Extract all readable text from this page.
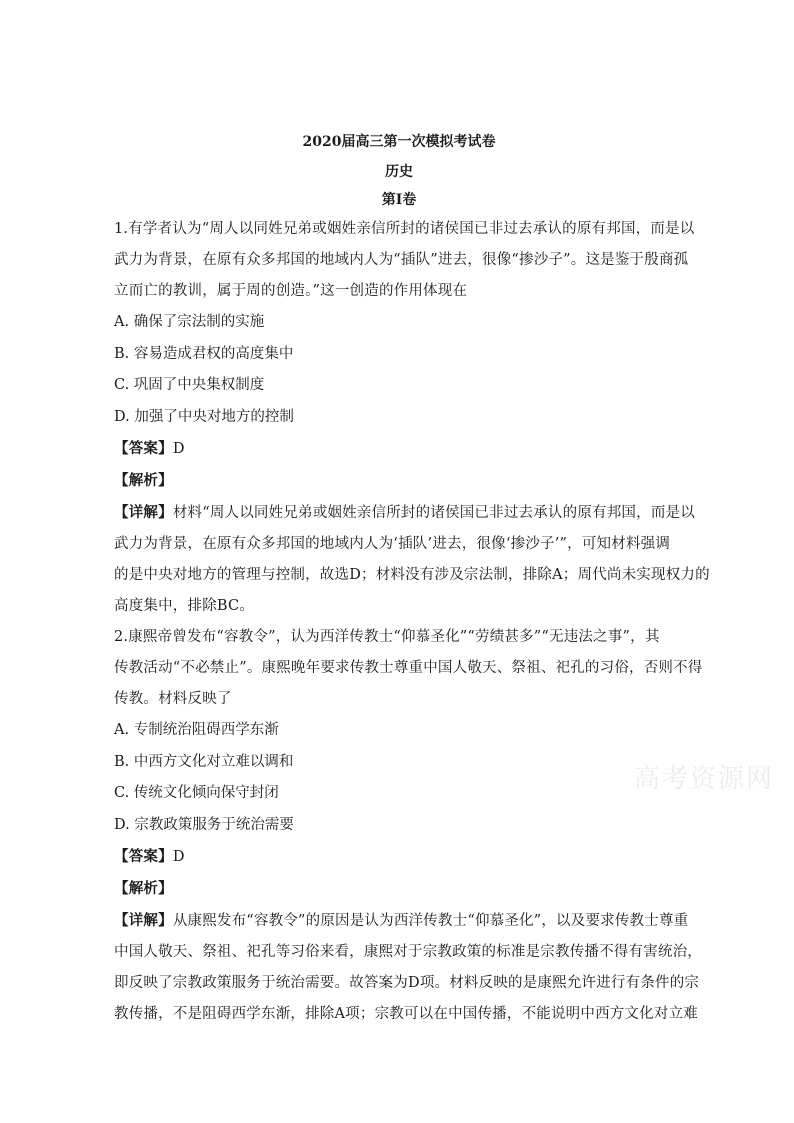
2020届高三第一次模拟考试卷

历史

第Ⅰ卷

1.有学者认为“周人以同姓兄弟或姻姓亲信所封的诸侯国已非过去承认的原有邦国，而是以

武力为背景，在原有众多邦国的地域内人为“插队”进去，很像“掺沙子”。这是鉴于殷商孤

立而亡的教训，属于周的创造。”这一创造的作用体现在

A. 确保了宗法制的实施

B. 容易造成君权的高度集中

C. 巩固了中央集权制度

D. 加强了中央对地方的控制

【答案】D

【解析】

【详解】材料“周人以同姓兄弟或姻姓亲信所封的诸侯国已非过去承认的原有邦国，而是以

武力为背景，在原有众多邦国的地域内人为‘插队’进去，很像‘掺沙子’”，可知材料强调

的是中央对地方的管理与控制，故选D；材料没有涉及宗法制，排除A；周代尚未实现权力的

高度集中，排除BC。

2.康熙帝曾发布“容教令”，认为西洋传教士“仰慕圣化”“劳绩甚多”“无违法之事”，其

传教活动“不必禁止”。康熙晚年要求传教士尊重中国人敬天、祭祖、祀孔的习俗，否则不得

传教。材料反映了

A. 专制统治阻碍西学东渐

B. 中西方文化对立难以调和

C. 传统文化倾向保守封闭

D. 宗教政策服务于统治需要

【答案】D

【解析】

【详解】从康熙发布“容教令”的原因是认为西洋传教士“仰慕圣化”，以及要求传教士尊重

中国人敬天、祭祖、祀孔等习俗来看，康熙对于宗教政策的标准是宗教传播不得有害统治，

即反映了宗教政策服务于统治需要。故答案为D项。材料反映的是康熙允许进行有条件的宗

教传播，不是阻碍西学东渐，排除A项；宗教可以在中国传播，不能说明中西方文化对立难

高考资源网
